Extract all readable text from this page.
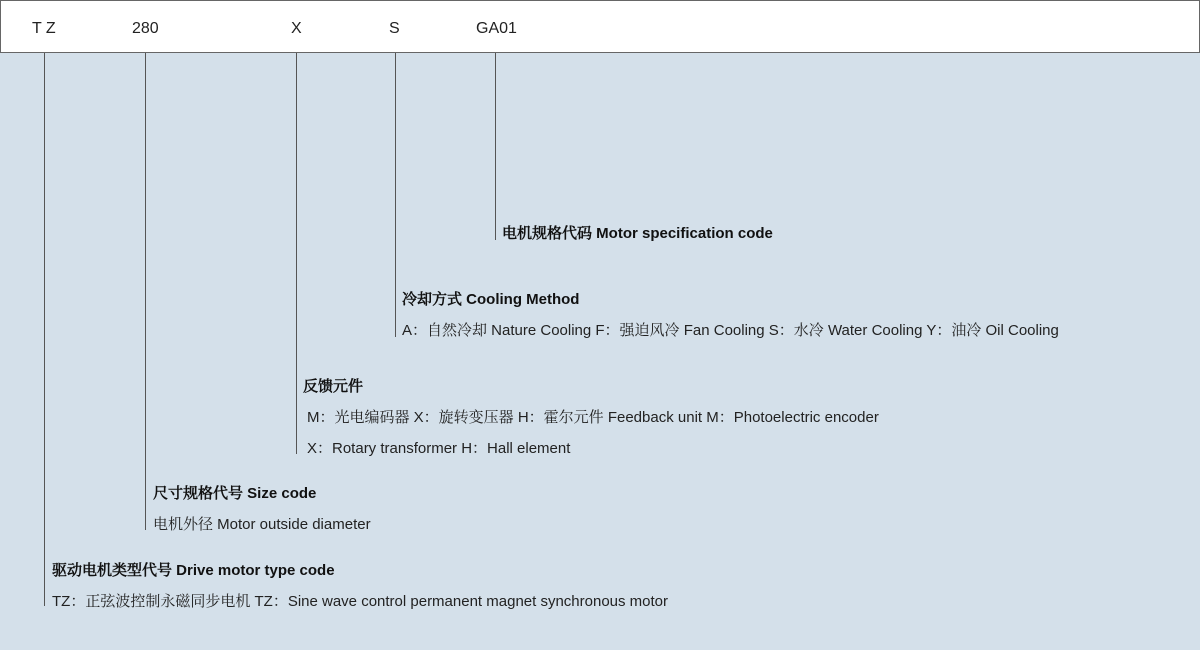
T Z	280	X	S	GA01
电机规格代码 Motor specification code
冷却方式 Cooling Method
A：自然冷却 Nature Cooling F：强迫风冷 Fan Cooling S：水冷 Water Cooling Y：油冷 Oil Cooling
反馈元件
M：光电编码器 X：旋转变压器 H：霍尔元件 Feedback unit M：Photoelectric encoder
X：Rotary transformer H：Hall element
尺寸规格代号 Size code
电机外径 Motor outside diameter
驱动电机类型代号 Drive motor type code
TZ：正弦波控制永磁同步电机 TZ：Sine wave control permanent magnet synchronous motor
